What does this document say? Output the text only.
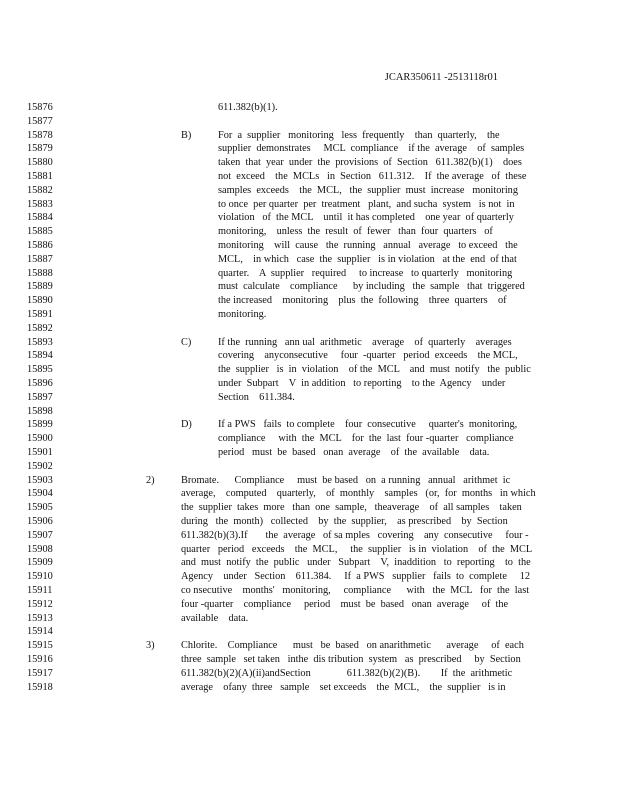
JCAR350611 -2513118r01
15876	611.382(b)(1).
15877
15878	B)	For  a  supplier   monitoring   less  frequently    than  quarterly,    the
15879	supplier  demonstrates     MCL  compliance    if the  average    of  samples
15880	taken  that  year  under  the  provisions  of  Section   611.382(b)(1)    does
15881	not  exceed    the  MCLs   in  Section   611.312.    If  the average   of  these
15882	samples  exceeds    the  MCL,   the  supplier  must  increase   monitoring
15883	to once  per quarter  per  treatment   plant,  and sucha  system   is not  in
15884	violation   of  the MCL    until  it has completed    one year  of quarterly
15885	monitoring,    unless  the  result  of  fewer   than  four  quarters   of
15886	monitoring    will  cause   the  running   annual   average   to exceed   the
15887	MCL,    in which   case  the  supplier   is in violation   at the  end  of that
15888	quarter.    A  supplier   required     to increase   to quarterly   monitoring
15889	must  calculate    compliance      by including   the  sample   that  triggered
15890	the increased    monitoring    plus  the  following    three  quarters    of
15891	monitoring.
15892
15893	C)	If the  running   ann ual  arithmetic    average    of  quarterly    averages
15894	covering    anyconsecutive     four  -quarter   period  exceeds    the MCL,
15895	the  supplier   is  in  violation    of the  MCL    and  must  notify   the  public
15896	under  Subpart    V  in addition   to reporting    to the  Agency    under
15897	Section    611.384.
15898
15899	D)	If a PWS   fails  to complete    four  consecutive     quarter's  monitoring,
15900	compliance     with  the  MCL    for  the  last  four -quarter   compliance
15901	period   must  be  based   onan  average    of  the  available    data.
15902
15903	2)	Bromate.      Compliance     must  be based   on  a running   annual   arithmet  ic
15904	average,    computed    quarterly,    of  monthly    samples   (or,  for  months   in which
15905	the  supplier  takes  more   than  one  sample,   theaverage    of  all samples    taken
15906	during   the  month)   collected    by  the  supplier,    as prescribed    by  Section
15907	611.382(b)(3).If       the  average   of sa mples   covering    any  consecutive     four -
15908	quarter   period   exceeds    the  MCL,     the  supplier   is in  violation    of  the  MCL
15909	and  must  notify  the  public   under   Subpart    V,  inaddition   to  reporting    to  the
15910	Agency    under   Section    611.384.     If  a PWS   supplier   fails  to  complete     12
15911	co nsecutive    months'   monitoring,     compliance      with   the  MCL   for  the  last
15912	four -quarter    compliance     period    must  be  based   onan  average     of  the
15913	available    data.
15914
15915	3)	Chlorite.    Compliance      must   be  based   on anarithmetic      average     of  each
15916	three  sample   set taken   inthe  dis tribution  system   as  prescribed     by  Section
15917	611.382(b)(2)(A)(ii)andSection              611.382(b)(2)(B).        If  the  arithmetic
15918	average    ofany  three   sample    set exceeds    the  MCL,    the  supplier   is in
